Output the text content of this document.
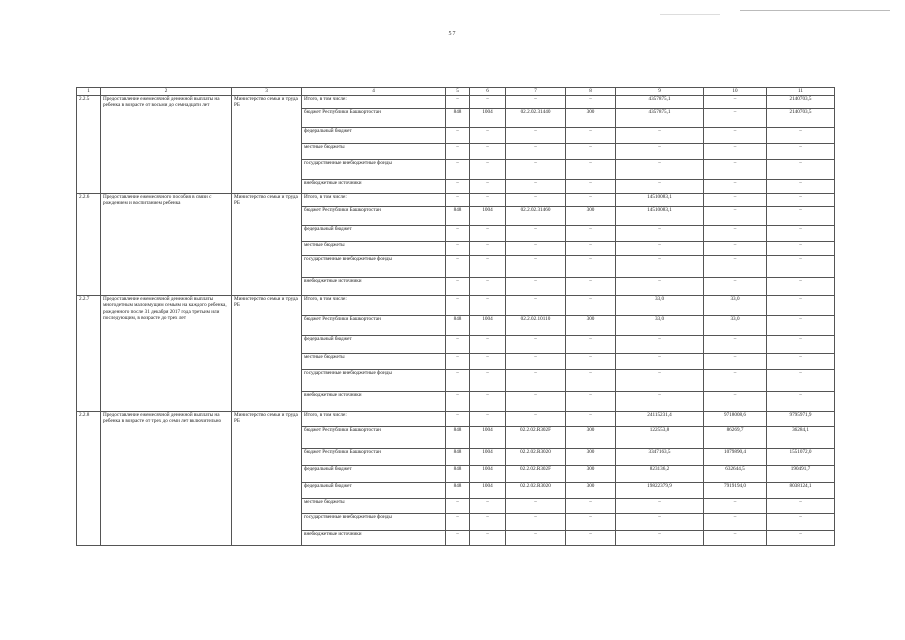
57
1	2	3	4	5	6	7	8	9	10	11
2.2.5	Предоставление ежемесячной денежной выплаты на ребенка в возрасте от восьми до семнадцати лет	Министерство семьи и труда РБ	Итого, в том числе:	–	–	–	–	4357875,1	–	2140703,5
			бюджет Республики Башкортостан	848	1004	02.2.02.31440	300	4357875,1	–	2140703,5
			федеральный бюджет	–	–	–	–	–	–	–
			местные бюджеты	–	–	–	–	–	–	–
			государственные внебюджетные фонды	–	–	–	–	–	–	–
			внебюджетные источники	–	–	–	–	–	–	–
2.2.6	Предоставление ежемесячного пособия в связи с рождением и воспитанием ребенка	Министерство семьи и труда РБ	Итого, в том числе:	–	–	–	–	14510083,1	–	–
			бюджет Республики Башкортостан	848	1004	02.2.02.31460	300	14510083,1	–	–
			федеральный бюджет	–	–	–	–	–	–	–
			местные бюджеты	–	–	–	–	–	–	–
			государственные внебюджетные фонды	–	–	–	–	–	–	–
			внебюджетные источники	–	–	–	–	–	–	–
2.2.7	Предоставление ежемесячной денежной выплаты многодетным малоимущим семьям на каждого ребенка, рожденного после 31 декабря 2017 года третьим или последующим, в возрасте до трех лет	Министерство семьи и труда РБ	Итого, в том числе:	–	–	–	–	33,0	33,0	–
			бюджет Республики Башкортостан	848	1004	02.2.02.10110	300	33,0	33,0	–
			федеральный бюджет	–	–	–	–	–	–	–
			местные бюджеты	–	–	–	–	–	–	–
			государственные внебюджетные фонды	–	–	–	–	–	–	–
			внебюджетные источники	–	–	–	–	–	–	–
2.2.8	Предоставление ежемесячной денежной выплаты на ребенка в возрасте от трех до семи лет включительно	Министерство семьи и труда РБ	Итого, в том числе:	–	–	–	–	24115231,4	9718008,6	9795971,9
			бюджет Республики Башкортостан	848	1004	02.2.02.R302F	300	122553,8	86269,7	36284,1
			бюджет Республики Башкортостан	848	1004	02.2.02.R3020	300	3347163,5	1079890,4	1551072,0
			федеральный бюджет	848	1004	02.2.02.R302F	300	823136,2	632644,5	190491,7
			федеральный бюджет	848	1004	02.2.02.R3020	300	19822379,9	7919194,0	8038124,1
			местные бюджеты	–	–	–	–	–	–	–
			государственные внебюджетные фонды	–	–	–	–	–	–	–
			внебюджетные источники	–	–	–	–	–	–	–
